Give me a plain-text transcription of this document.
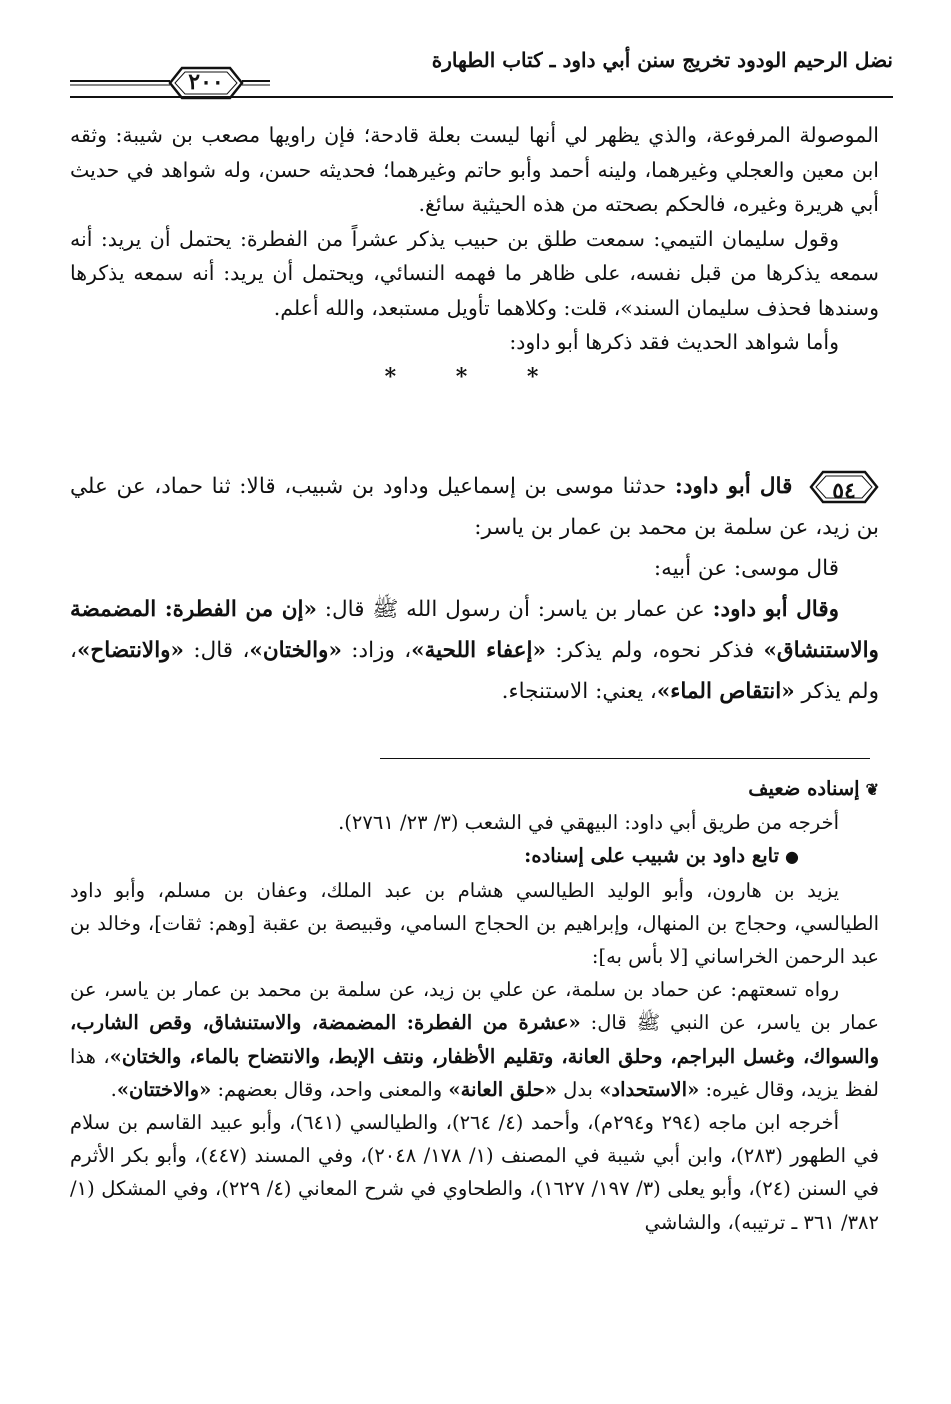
نضل الرحيم الودود تخريج سنن أبي داود ـ كتاب الطهارة
٢٠٠

الموصولة المرفوعة، والذي يظهر لي أنها ليست بعلة قادحة؛ فإن راويها مصعب بن شيبة: وثقه ابن معين والعجلي وغيرهما، ولينه أحمد وأبو حاتم وغيرهما؛ فحديثه حسن، وله شواهد في حديث أبي هريرة وغيره، فالحكم بصحته من هذه الحيثية سائغ.

وقول سليمان التيمي: سمعت طلق بن حبيب يذكر عشراً من الفطرة: يحتمل أن يريد: أنه سمعه يذكرها من قبل نفسه، على ظاهر ما فهمه النسائي، ويحتمل أن يريد: أنه سمعه يذكرها وسندها فحذف سليمان السند»، قلت: وكلاهما تأويل مستبعد، والله أعلم.

وأما شواهد الحديث فقد ذكرها أبو داود:

* * *

٥٤
قال أبو داود: حدثنا موسى بن إسماعيل وداود بن شبيب، قالا: ثنا حماد، عن علي بن زيد، عن سلمة بن محمد بن عمار بن ياسر:

قال موسى: عن أبيه:

وقال أبو داود: عن عمار بن ياسر: أن رسول الله ﷺ قال: «إن من الفطرة: المضمضة والاستنشاق» فذكر نحوه، ولم يذكر: «إعفاء اللحية»، وزاد: «والختان»، قال: «والانتضاح»، ولم يذكر «انتقاص الماء»، يعني: الاستنجاء.

❦إسناده ضعيف

أخرجه من طريق أبي داود: البيهقي في الشعب (٣/ ٢٣/ ٢٧٦١).

●تابع داود بن شبيب على إسناده:

يزيد بن هارون، وأبو الوليد الطيالسي هشام بن عبد الملك، وعفان بن مسلم، وأبو داود الطيالسي، وحجاج بن المنهال، وإبراهيم بن الحجاج السامي، وقبيصة بن عقبة [وهم: ثقات]، وخالد بن عبد الرحمن الخراساني [لا بأس به]:

رواه تسعتهم: عن حماد بن سلمة، عن علي بن زيد، عن سلمة بن محمد بن عمار بن ياسر، عن عمار بن ياسر، عن النبي ﷺ قال: «عشرة من الفطرة: المضمضة، والاستنشاق، وقص الشارب، والسواك، وغسل البراجم، وحلق العانة، وتقليم الأظفار، ونتف الإبط، والانتضاح بالماء، والختان»، هذا لفظ يزيد، وقال غيره: «الاستحداد» بدل «حلق العانة» والمعنى واحد، وقال بعضهم: «والاختتان».

أخرجه ابن ماجه (٢٩٤ و٢٩٤م)، وأحمد (٤/ ٢٦٤)، والطيالسي (٦٤١)، وأبو عبيد القاسم بن سلام في الطهور (٢٨٣)، وابن أبي شيبة في المصنف (١/ ١٧٨/ ٢٠٤٨)، وفي المسند (٤٤٧)، وأبو بكر الأثرم في السنن (٢٤)، وأبو يعلى (٣/ ١٩٧/ ١٦٢٧)، والطحاوي في شرح المعاني (٤/ ٢٢٩)، وفي المشكل (١/ ٣٨٢/ ٣٦١ ـ ترتيبه)، والشاشي
